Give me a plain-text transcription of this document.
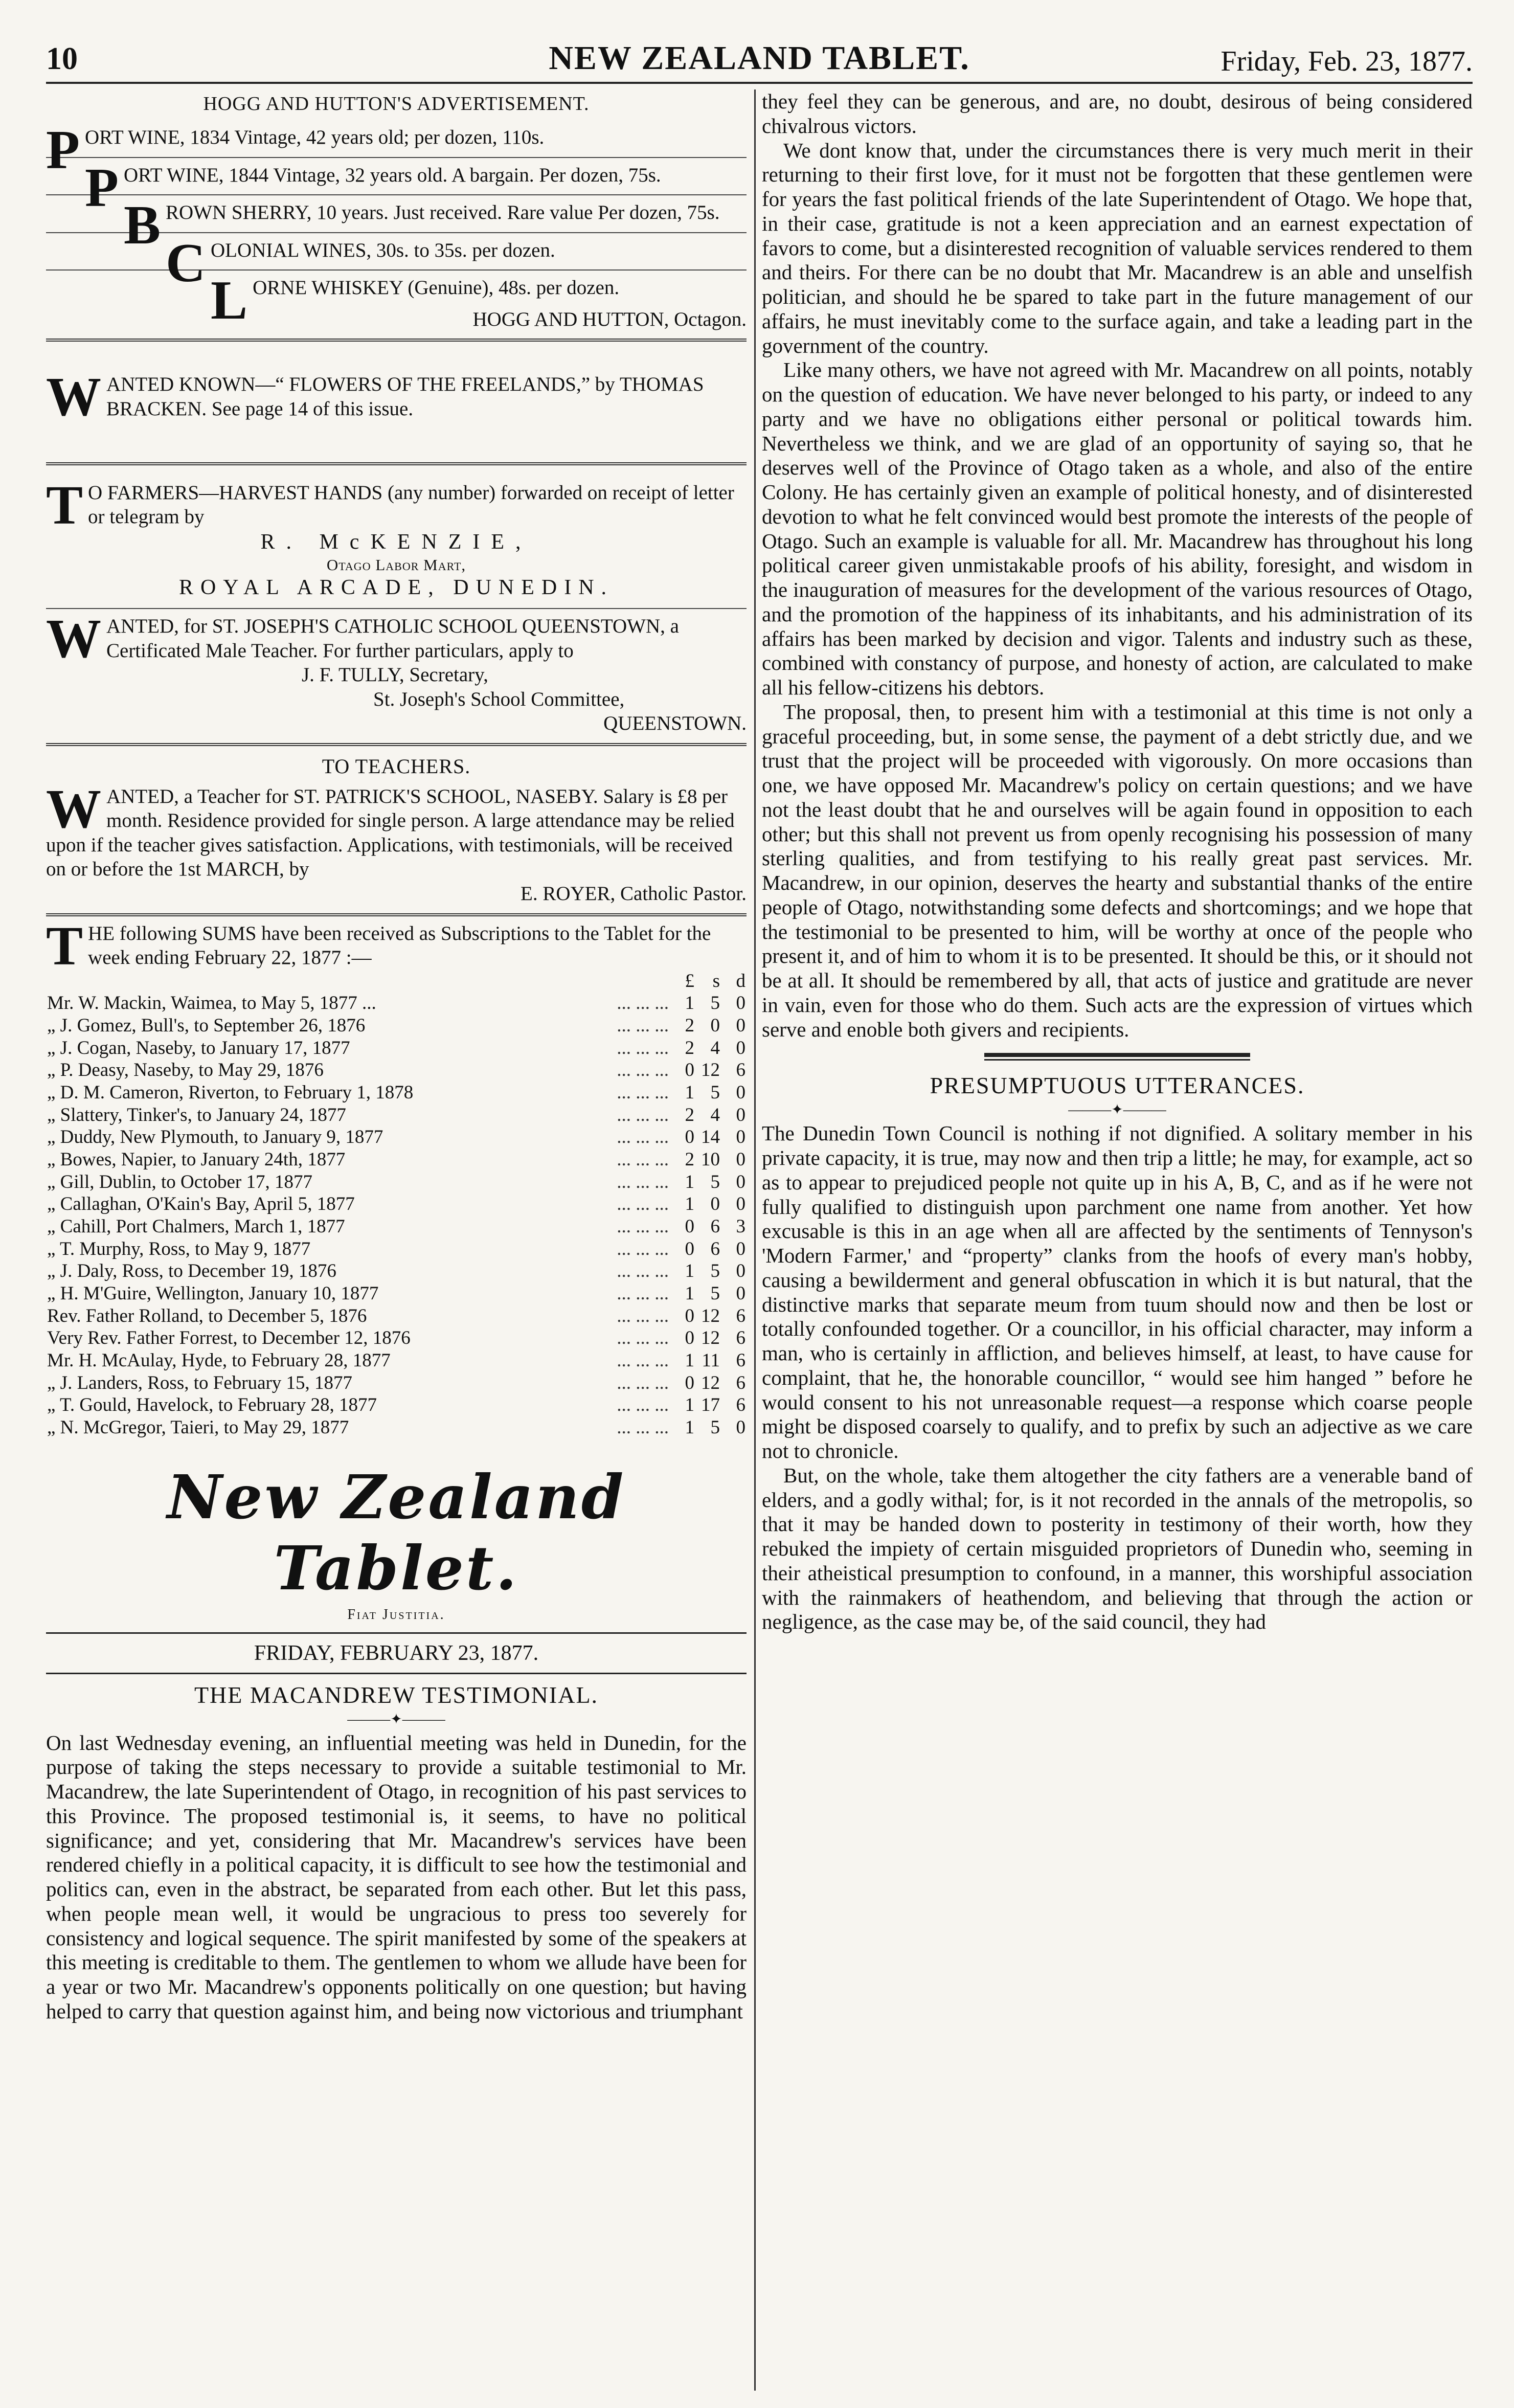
10	NEW ZEALAND TABLET.	Friday, Feb. 23, 1877.
HOGG AND HUTTON'S ADVERTISEMENT.
PORT WINE, 1834 Vintage, 42 years old; per dozen, 110s.
PORT WINE, 1844 Vintage, 32 years old. A bargain. Per dozen, 75s.
BROWN SHERRY, 10 years. Just received. Rare value Per dozen, 75s.
COLONIAL WINES, 30s. to 35s. per dozen.
LORNE WHISKEY (Genuine), 48s. per dozen.
HOGG AND HUTTON, Octagon.
WANTED KNOWN—“ FLOWERS OF THE FREELANDS,” by THOMAS BRACKEN. See page 14 of this issue.
T O FARMERS—HARVEST HANDS (any number) forwarded on receipt of letter or telegram by
R. McKENZIE,
Otago Labor Mart,
ROYAL ARCADE, DUNEDIN.
WANTED, for ST. JOSEPH'S CATHOLIC SCHOOL QUEENSTOWN, a Certificated Male Teacher. For further particulars, apply to
J. F. TULLY, Secretary,
St. Joseph's School Committee,
QUEENSTOWN.
TO TEACHERS.
W ANTED, a Teacher for ST. PATRICK'S SCHOOL, NASEBY. Salary is £8 per month. Residence provided for single person. A large attendance may be relied upon if the teacher gives satisfaction. Applications, with testimonials, will be received on or before the 1st MARCH, by
E. ROYER, Catholic Pastor.
THE following SUMS have been received as Subscriptions to the Tablet for the week ending February 22, 1877 :—
		£	s	d
Mr. W. Mackin, Waimea, to May 5, 1877 ...	... ... ...	1	5	0
„ J. Gomez, Bull's, to September 26, 1876	... ... ...	2	0	0
„ J. Cogan, Naseby, to January 17, 1877	... ... ...	2	4	0
„ P. Deasy, Naseby, to May 29, 1876	... ... ...	0	12	6
„ D. M. Cameron, Riverton, to February 1, 1878	... ... ...	1	5	0
„ Slattery, Tinker's, to January 24, 1877	... ... ...	2	4	0
„ Duddy, New Plymouth, to January 9, 1877	... ... ...	0	14	0
„ Bowes, Napier, to January 24th, 1877	... ... ...	2	10	0
„ Gill, Dublin, to October 17, 1877	... ... ...	1	5	0
„ Callaghan, O'Kain's Bay, April 5, 1877	... ... ...	1	0	0
„ Cahill, Port Chalmers, March 1, 1877	... ... ...	0	6	3
„ T. Murphy, Ross, to May 9, 1877	... ... ...	0	6	0
„ J. Daly, Ross, to December 19, 1876	... ... ...	1	5	0
„ H. M'Guire, Wellington, January 10, 1877	... ... ...	1	5	0
Rev. Father Rolland, to December 5, 1876	... ... ...	0	12	6
Very Rev. Father Forrest, to December 12, 1876	... ... ...	0	12	6
Mr. H. McAulay, Hyde, to February 28, 1877	... ... ...	1	11	6
„ J. Landers, Ross, to February 15, 1877	... ... ...	0	12	6
„ T. Gould, Havelock, to February 28, 1877	... ... ...	1	17	6
„ N. McGregor, Taieri, to May 29, 1877	... ... ...	1	5	0
New Zealand Tablet.
Fiat Justitia.
FRIDAY, FEBRUARY 23, 1877.
THE MACANDREW TESTIMONIAL.
———✦———

On last Wednesday evening, an influential meeting was held in Dunedin, for the purpose of taking the steps necessary to provide a suitable testimonial to Mr. Macandrew, the late Superintendent of Otago, in recognition of his past services to this Province. The proposed testimonial is, it seems, to have no political significance; and yet, considering that Mr. Macandrew's services have been rendered chiefly in a political capacity, it is difficult to see how the testimonial and politics can, even in the abstract, be separated from each other. But let this pass, when people mean well, it would be ungracious to press too severely for consistency and logical sequence. The spirit manifested by some of the speakers at this meeting is creditable to them. The gentlemen to whom we allude have been for a year or two Mr. Macandrew's opponents politically on one question; but having helped to carry that question against him, and being now victorious and triumphant

they feel they can be generous, and are, no doubt, desirous of being considered chivalrous victors.

We dont know that, under the circumstances there is very much merit in their returning to their first love, for it must not be forgotten that these gentlemen were for years the fast political friends of the late Superintendent of Otago. We hope that, in their case, gratitude is not a keen appreciation and an earnest expectation of favors to come, but a disinterested recognition of valuable services rendered to them and theirs. For there can be no doubt that Mr. Macandrew is an able and unselfish politician, and should he be spared to take part in the future management of our affairs, he must inevitably come to the surface again, and take a leading part in the government of the country.

Like many others, we have not agreed with Mr. Macandrew on all points, notably on the question of education. We have never belonged to his party, or indeed to any party and we have no obligations either personal or political towards him. Nevertheless we think, and we are glad of an opportunity of saying so, that he deserves well of the Province of Otago taken as a whole, and also of the entire Colony. He has certainly given an example of political honesty, and of disinterested devotion to what he felt convinced would best promote the interests of the people of Otago. Such an example is valuable for all. Mr. Macandrew has throughout his long political career given unmistakable proofs of his ability, foresight, and wisdom in the inauguration of measures for the development of the various resources of Otago, and the promotion of the happiness of its inhabitants, and his administration of its affairs has been marked by decision and vigor. Talents and industry such as these, combined with constancy of purpose, and honesty of action, are calculated to make all his fellow-citizens his debtors.

The proposal, then, to present him with a testimonial at this time is not only a graceful proceeding, but, in some sense, the payment of a debt strictly due, and we trust that the project will be proceeded with vigorously. On more occasions than one, we have opposed Mr. Macandrew's policy on certain questions; and we have not the least doubt that he and ourselves will be again found in opposition to each other; but this shall not prevent us from openly recognising his possession of many sterling qualities, and from testifying to his really great past services. Mr. Macandrew, in our opinion, deserves the hearty and substantial thanks of the entire people of Otago, notwithstanding some defects and shortcomings; and we hope that the testimonial to be presented to him, will be worthy at once of the people who present it, and of him to whom it is to be presented. It should be this, or it should not be at all. It should be remembered by all, that acts of justice and gratitude are never in vain, even for those who do them. Such acts are the expression of virtues which serve and enoble both givers and recipients.

PRESUMPTUOUS UTTERANCES.
———✦———

The Dunedin Town Council is nothing if not dignified. A solitary member in his private capacity, it is true, may now and then trip a little; he may, for example, act so as to appear to prejudiced people not quite up in his A, B, C, and as if he were not fully qualified to distinguish upon parchment one name from another. Yet how excusable is this in an age when all are affected by the sentiments of Tennyson's 'Modern Farmer,' and “property” clanks from the hoofs of every man's hobby, causing a bewilderment and general obfuscation in which it is but natural, that the distinctive marks that separate meum from tuum should now and then be lost or totally confounded together. Or a councillor, in his official character, may inform a man, who is certainly in affliction, and believes himself, at least, to have cause for complaint, that he, the honorable councillor, “ would see him hanged ” before he would consent to his not unreasonable request—a response which coarse people might be disposed coarsely to qualify, and to prefix by such an adjective as we care not to chronicle.

But, on the whole, take them altogether the city fathers are a venerable band of elders, and a godly withal; for, is it not recorded in the annals of the metropolis, so that it may be handed down to posterity in testimony of their worth, how they rebuked the impiety of certain misguided proprietors of Dunedin who, seeming in their atheistical presumption to confound, in a manner, this worshipful association with the rainmakers of heathendom, and believing that through the action or negligence, as the case may be, of the said council, they had
